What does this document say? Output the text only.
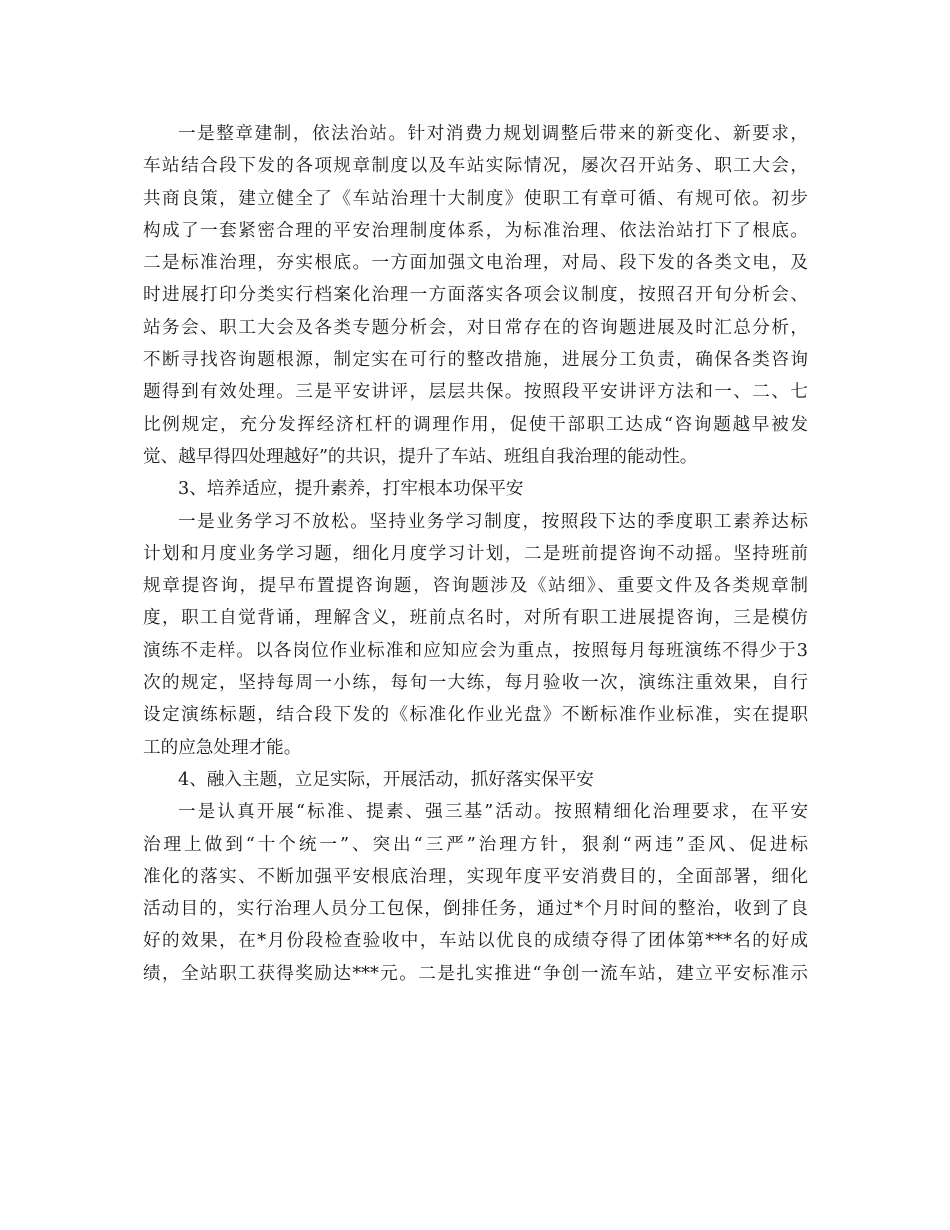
一是整章建制，依法治站。针对消费力规划调整后带来的新变化、新要求，
车站结合段下发的各项规章制度以及车站实际情况，屡次召开站务、职工大会，
共商良策，建立健全了《车站治理十大制度》使职工有章可循、有规可依。初步
构成了一套紧密合理的平安治理制度体系，为标准治理、依法治站打下了根底。
二是标准治理，夯实根底。一方面加强文电治理，对局、段下发的各类文电，及
时进展打印分类实行档案化治理一方面落实各项会议制度，按照召开旬分析会、
站务会、职工大会及各类专题分析会，对日常存在的咨询题进展及时汇总分析，
不断寻找咨询题根源，制定实在可行的整改措施，进展分工负责，确保各类咨询
题得到有效处理。三是平安讲评，层层共保。按照段平安讲评方法和一、二、七
比例规定，充分发挥经济杠杆的调理作用，促使干部职工达成“咨询题越早被发
觉、越早得四处理越好”的共识，提升了车站、班组自我治理的能动性。
3、培养适应，提升素养，打牢根本功保平安
一是业务学习不放松。坚持业务学习制度，按照段下达的季度职工素养达标
计划和月度业务学习题，细化月度学习计划，二是班前提咨询不动摇。坚持班前
规章提咨询，提早布置提咨询题，咨询题涉及《站细》、重要文件及各类规章制
度，职工自觉背诵，理解含义，班前点名时，对所有职工进展提咨询，三是模仿
演练不走样。以各岗位作业标准和应知应会为重点，按照每月每班演练不得少于3
次的规定，坚持每周一小练，每旬一大练，每月验收一次，演练注重效果，自行
设定演练标题，结合段下发的《标准化作业光盘》不断标准作业标准，实在提职
工的应急处理才能。
4、融入主题，立足实际，开展活动，抓好落实保平安
一是认真开展“标准、提素、强三基”活动。按照精细化治理要求，在平安
治理上做到“十个统一”、突出“三严”治理方针，狠刹“两违”歪风、促进标
准化的落实、不断加强平安根底治理，实现年度平安消费目的，全面部署，细化
活动目的，实行治理人员分工包保，倒排任务，通过*个月时间的整治，收到了良
好的效果，在*月份段检查验收中，车站以优良的成绩夺得了团体第***名的好成
绩，全站职工获得奖励达***元。二是扎实推进“争创一流车站，建立平安标准示
